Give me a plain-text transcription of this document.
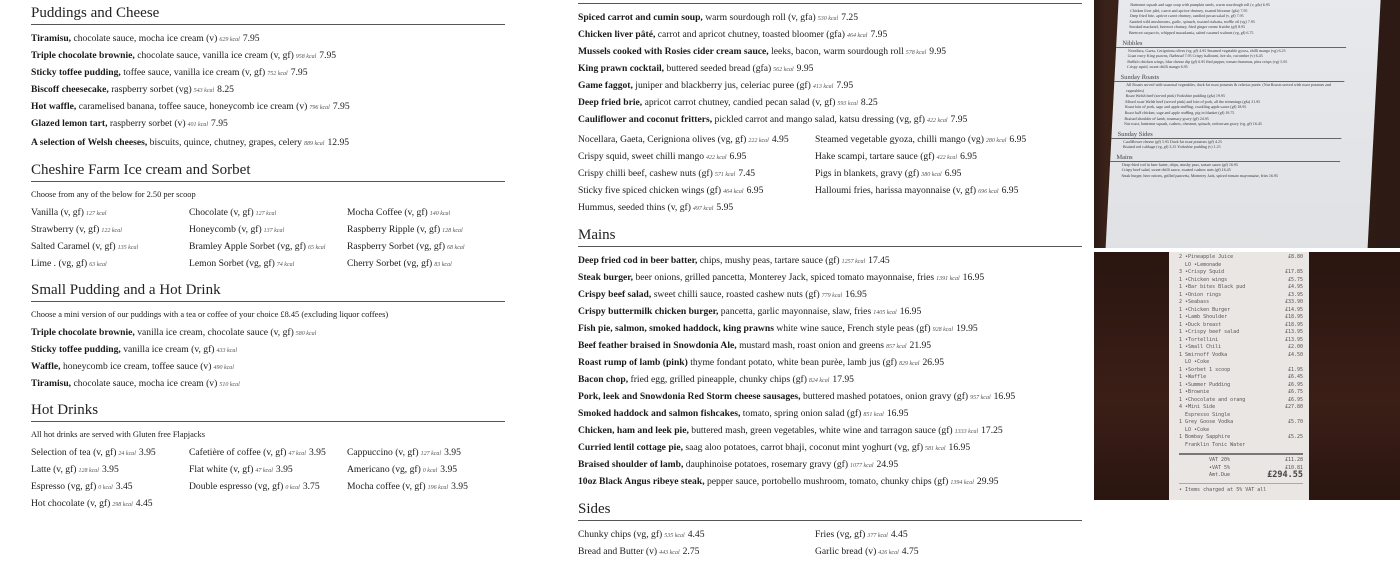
Puddings and Cheese
Tiramisu, chocolate sauce, mocha ice cream (v) 629 kcal 7.95
Triple chocolate brownie, chocolate sauce, vanilla ice cream (v, gf) 958 kcal 7.95
Sticky toffee pudding, toffee sauce, vanilla ice cream (v, gf) 752 kcal 7.95
Biscoff cheesecake, raspberry sorbet (vg) 543 kcal 8.25
Hot waffle, caramelised banana, toffee sauce, honeycomb ice cream (v) 796 kcal 7.95
Glazed lemon tart, raspberry sorbet (v) 401 kcal 7.95
A selection of Welsh cheeses, biscuits, quince, chutney, grapes, celery 889 kcal 12.95
Cheshire Farm Ice cream and Sorbet
Choose from any of the below for 2.50 per scoop
Vanilla (v, gf) 127 kcal	Chocolate (v, gf) 127 kcal	Mocha Coffee (v, gf) 140 kcal
Strawberry (v, gf) 122 kcal	Honeycomb (v, gf) 137 kcal	Raspberry Ripple (v, gf) 128 kcal
Salted Caramel (v, gf) 135 kcal	Bramley Apple Sorbet (vg, gf) 65 kcal	Raspberry Sorbet (vg, gf) 68 kcal
Lime . (vg, gf) 63 kcal	Lemon Sorbet (vg, gf) 74 kcal	Cherry Sorbet (vg, gf) 83 kcal
Small Pudding and a Hot Drink
Choose a mini version of our puddings with a tea or coffee of your choice £8.45 (excluding liquor coffees)
Triple chocolate brownie, vanilla ice cream, chocolate sauce (v, gf) 580 kcal
Sticky toffee pudding, vanilla ice cream (v, gf) 433 kcal
Waffle, honeycomb ice cream, toffee sauce (v) 490 kcal
Tiramisu, chocolate sauce, mocha ice cream (v) 510 kcal
Hot Drinks
All hot drinks are served with Gluten free Flapjacks
Selection of tea (v, gf) 24 kcal 3.95	Cafetière of coffee (v, gf) 47 kcal 3.95	Cappuccino (v, gf) 127 kcal 3.95
Latte (v, gf) 128 kcal 3.95	Flat white (v, gf) 47 kcal 3.95	Americano (vg, gf) 0 kcal 3.95
Espresso (vg, gf) 0 kcal 3.45	Double espresso (vg, gf) 0 kcal 3.75	Mocha coffee (v, gf) 196 kcal 3.95
Hot chocolate (v, gf) 298 kcal 4.45
Spiced carrot and cumin soup, warm sourdough roll (v, gfa) 530 kcal 7.25
Chicken liver pâté, carrot and apricot chutney, toasted bloomer (gfa) 464 kcal 7.95
Mussels cooked with Rosies cider cream sauce, leeks, bacon, warm sourdough roll 578 kcal 9.95
King prawn cocktail, buttered seeded bread (gfa) 562 kcal 9.95
Game faggot, juniper and blackberry jus, celeriac puree (gf) 413 kcal 7.95
Deep fried brie, apricot carrot chutney, candied pecan salad (v, gf) 593 kcal 8.25
Cauliflower and coconut fritters, pickled carrot and mango salad, katsu dressing (vg, gf) 422 kcal 7.95
Nocellara, Gaeta, Cerigniona olives (vg, gf) 222 kcal 4.95	Steamed vegetable gyoza, chilli mango (vg) 280 kcal 6.95
Crispy squid, sweet chilli mango 422 kcal 6.95	Hake scampi, tartare sauce (gf) 422 kcal 6.95
Crispy chilli beef, cashew nuts (gf) 571 kcal 7.45	Pigs in blankets, gravy (gf) 380 kcal 6.95
Sticky five spiced chicken wings (gf) 464 kcal 6.95	Halloumi fries, harissa mayonnaise (v, gf) 696 kcal 6.95
Hummus, seeded thins (v, gf) 497 kcal 5.95
Mains
Deep fried cod in beer batter, chips, mushy peas, tartare sauce (gf) 1257 kcal 17.45
Steak burger, beer onions, grilled pancetta, Monterey Jack, spiced tomato mayonnaise, fries 1391 kcal 16.95
Crispy beef salad, sweet chilli sauce, roasted cashew nuts (gf) 779 kcal 16.95
Crispy buttermilk chicken burger, pancetta, garlic mayonnaise, slaw, fries 1405 kcal 16.95
Fish pie, salmon, smoked haddock, king prawns white wine sauce, French style peas (gf) 928 kcal 19.95
Beef feather braised in Snowdonia Ale, mustard mash, roast onion and greens 857 kcal 21.95
Roast rump of lamb (pink) thyme fondant potato, white bean purèe, lamb jus (gf) 829 kcal 26.95
Bacon chop, fried egg, grilled pineapple, chunky chips (gf) 824 kcal 17.95
Pork, leek and Snowdonia Red Storm cheese sausages, buttered mashed potatoes, onion gravy (gf) 957 kcal 16.95
Smoked haddock and salmon fishcakes, tomato, spring onion salad (gf) 851 kcal 16.95
Chicken, ham and leek pie, buttered mash, green vegetables, white wine and tarragon sauce (gf) 1333 kcal 17.25
Curried lentil cottage pie, saag aloo potatoes, carrot bhaji, coconut mint yoghurt (vg, gf) 581 kcal 16.95
Braised shoulder of lamb, dauphinoise potatoes, rosemary gravy (gf) 1077 kcal 24.95
10oz Black Angus ribeye steak, pepper sauce, portobello mushroom, tomato, chunky chips (gf) 1394 kcal 29.95
Sides
Chunky chips (vg, gf) 535 kcal 4.45	Fries (vg, gf) 377 kcal 4.45
Bread and Butter (v) 443 kcal 2.75	Garlic bread (v) 426 kcal 4.75
Butternut squash and sage soup with pumpkin seeds, warm sourdough roll (v, gfa) 6.95
Chicken liver pâté, carrot and apricot chutney, toasted bloomer (gfa) 7.95
Deep fried brie, apricot carrot chutney, candied pecan salad (v, gf) 7.95
Sautéed wild mushrooms, garlic, spinach, toasted ciabatta, truffle oil (vg) 7.95
Smoked mackerel, beetroot chutney, fried ginger creme fraiche (gf) 8.95
Beetroot carpaccio, whipped macadamia, salted caramel walnuts (vg, gf) 6.75
Nibbles
Nocellara, Gaeta, Cerigniona olives (vg, gf) 4.95 Steamed vegetable gyoza, chilli mango (vg) 6.25
Goan curry King prawns, flatbread 7.95 Crispy halloumi, hot slo, cucumber (v) 6.45
Buffalo chicken wings, blue cheese dip (gf) 6.95 Red pepper, tomato hummus, pitta crisps (vg) 5.95
Crispy squid, sweet chilli mango 6.95
Sunday Roasts
All Roasts served with seasonal vegetables, duck fat roast potatoes & celeriac purée. (Nut Roasts served with roast potatoes and vegetables)
Roast Welsh beef (served pink) Yorkshire pudding (gfa) 19.95
Mixed roast Welsh beef (served pink) and loin of pork, all the trimmings (gfa) 21.95
Roast loin of pork, sage and apple stuffing, crackling apple sauce (gf) 18.95
Roast half chicken, sage and apple stuffing, pig in blanket (gf) 19.75
Braised shoulder of lamb, rosemary gravy (gf) 24.95
Nut roast, butternut squash, cashew, chestnut, spinach, redcurrant gravy (vg, gf) 16.45
Sunday Sides
Cauliflower cheese (gf) 5.95 Duck fat roast potatoes (gf) 4.25
Braised red cabbage (vg, gf) 3.25 Yorkshire pudding (v) 1.25
Mains
Deep fried cod in beer batter, chips, mushy peas, tartare sauce (gf) 16.95
Crispy beef salad, sweet chilli sauce, roasted cashew nuts (gf) 16.45
Steak burger, beer onions, grilled pancetta, Monterey Jack, spiced tomato mayonnaise, fries 16.95
2 •Pineapple Juice	£8.80
LO •Lemonade
3 •Crispy Squid	£17.85
1 •Chicken wings	£5.75
1 •Bar bites Black pud	£4.95
1 •Onion rings	£3.95
2 •Seabass	£33.90
1 •Chicken Burger	£14.95
1 •Lamb Shoulder	£18.95
1 •Duck breast	£18.95
1 •Crispy beef salad	£13.95
1 •Tortellini	£13.95
1 •Small Chili	£2.00
1 Smirnoff Vodka	£4.50
LO •Coke
1 •Sorbet 1 scoop	£1.95
1 •Waffle	£6.45
1 •Summer Pudding	£6.95
1 •Brownie	£6.75
1 •Chocolate and orang	£6.95
4 •Mini Side	£27.80
Espresso Single
1 Grey Goose Vodka	£5.70
LO •Coke
1 Bombay Sapphire	£5.25
Franklin Tonic Water
VAT 20%	£11.28
•VAT 5%	£10.81
Amt.Due	£294.55
• Items charged at 5% VAT all
